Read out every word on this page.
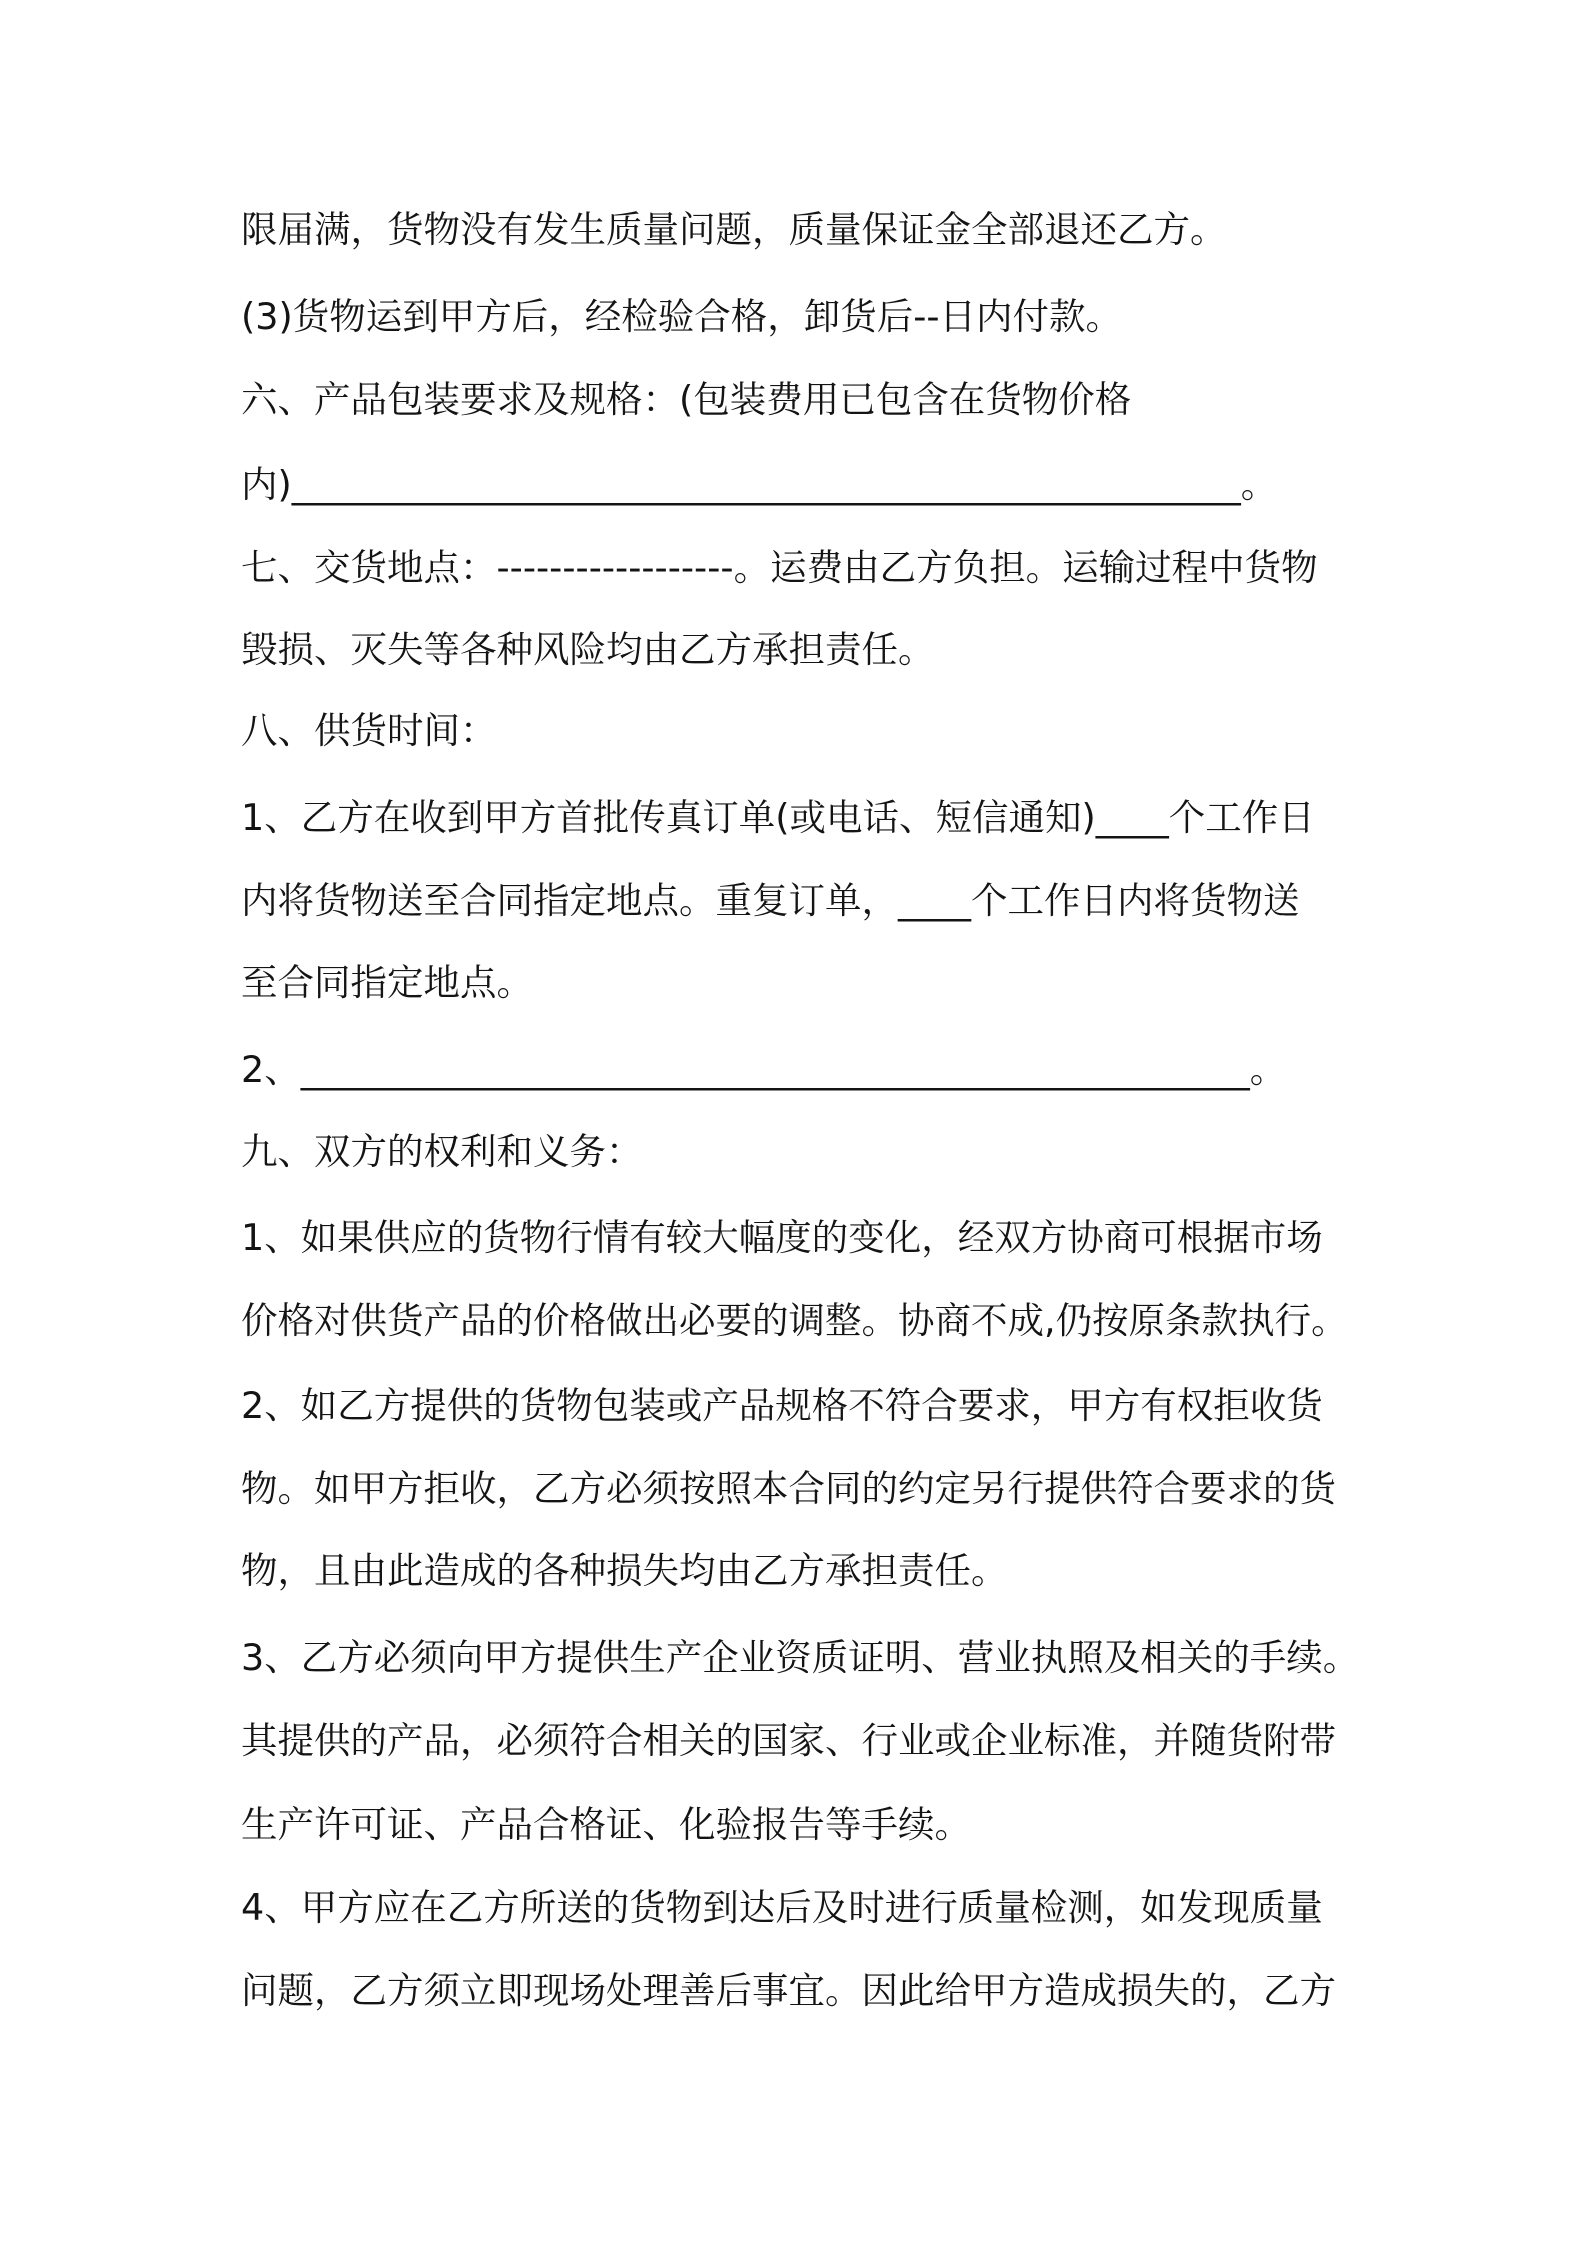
限届满，货物没有发生质量问题，质量保证金全部退还乙方。
(3)货物运到甲方后，经检验合格，卸货后--日内付款。
六、产品包装要求及规格：(包装费用已包含在货物价格
内)____________________________________________________。
七、交货地点：------------------。运费由乙方负担。运输过程中货物
毁损、灭失等各种风险均由乙方承担责任。
八、供货时间：
1、乙方在收到甲方首批传真订单(或电话、短信通知)____个工作日
内将货物送至合同指定地点。重复订单，____个工作日内将货物送
至合同指定地点。
2、____________________________________________________。
九、双方的权利和义务：
1、如果供应的货物行情有较大幅度的变化，经双方协商可根据市场
价格对供货产品的价格做出必要的调整。协商不成,仍按原条款执行。
2、如乙方提供的货物包装或产品规格不符合要求，甲方有权拒收货
物。如甲方拒收，乙方必须按照本合同的约定另行提供符合要求的货
物，且由此造成的各种损失均由乙方承担责任。
3、乙方必须向甲方提供生产企业资质证明、营业执照及相关的手续。
其提供的产品，必须符合相关的国家、行业或企业标准，并随货附带
生产许可证、产品合格证、化验报告等手续。
4、甲方应在乙方所送的货物到达后及时进行质量检测，如发现质量
问题，乙方须立即现场处理善后事宜。因此给甲方造成损失的，乙方
